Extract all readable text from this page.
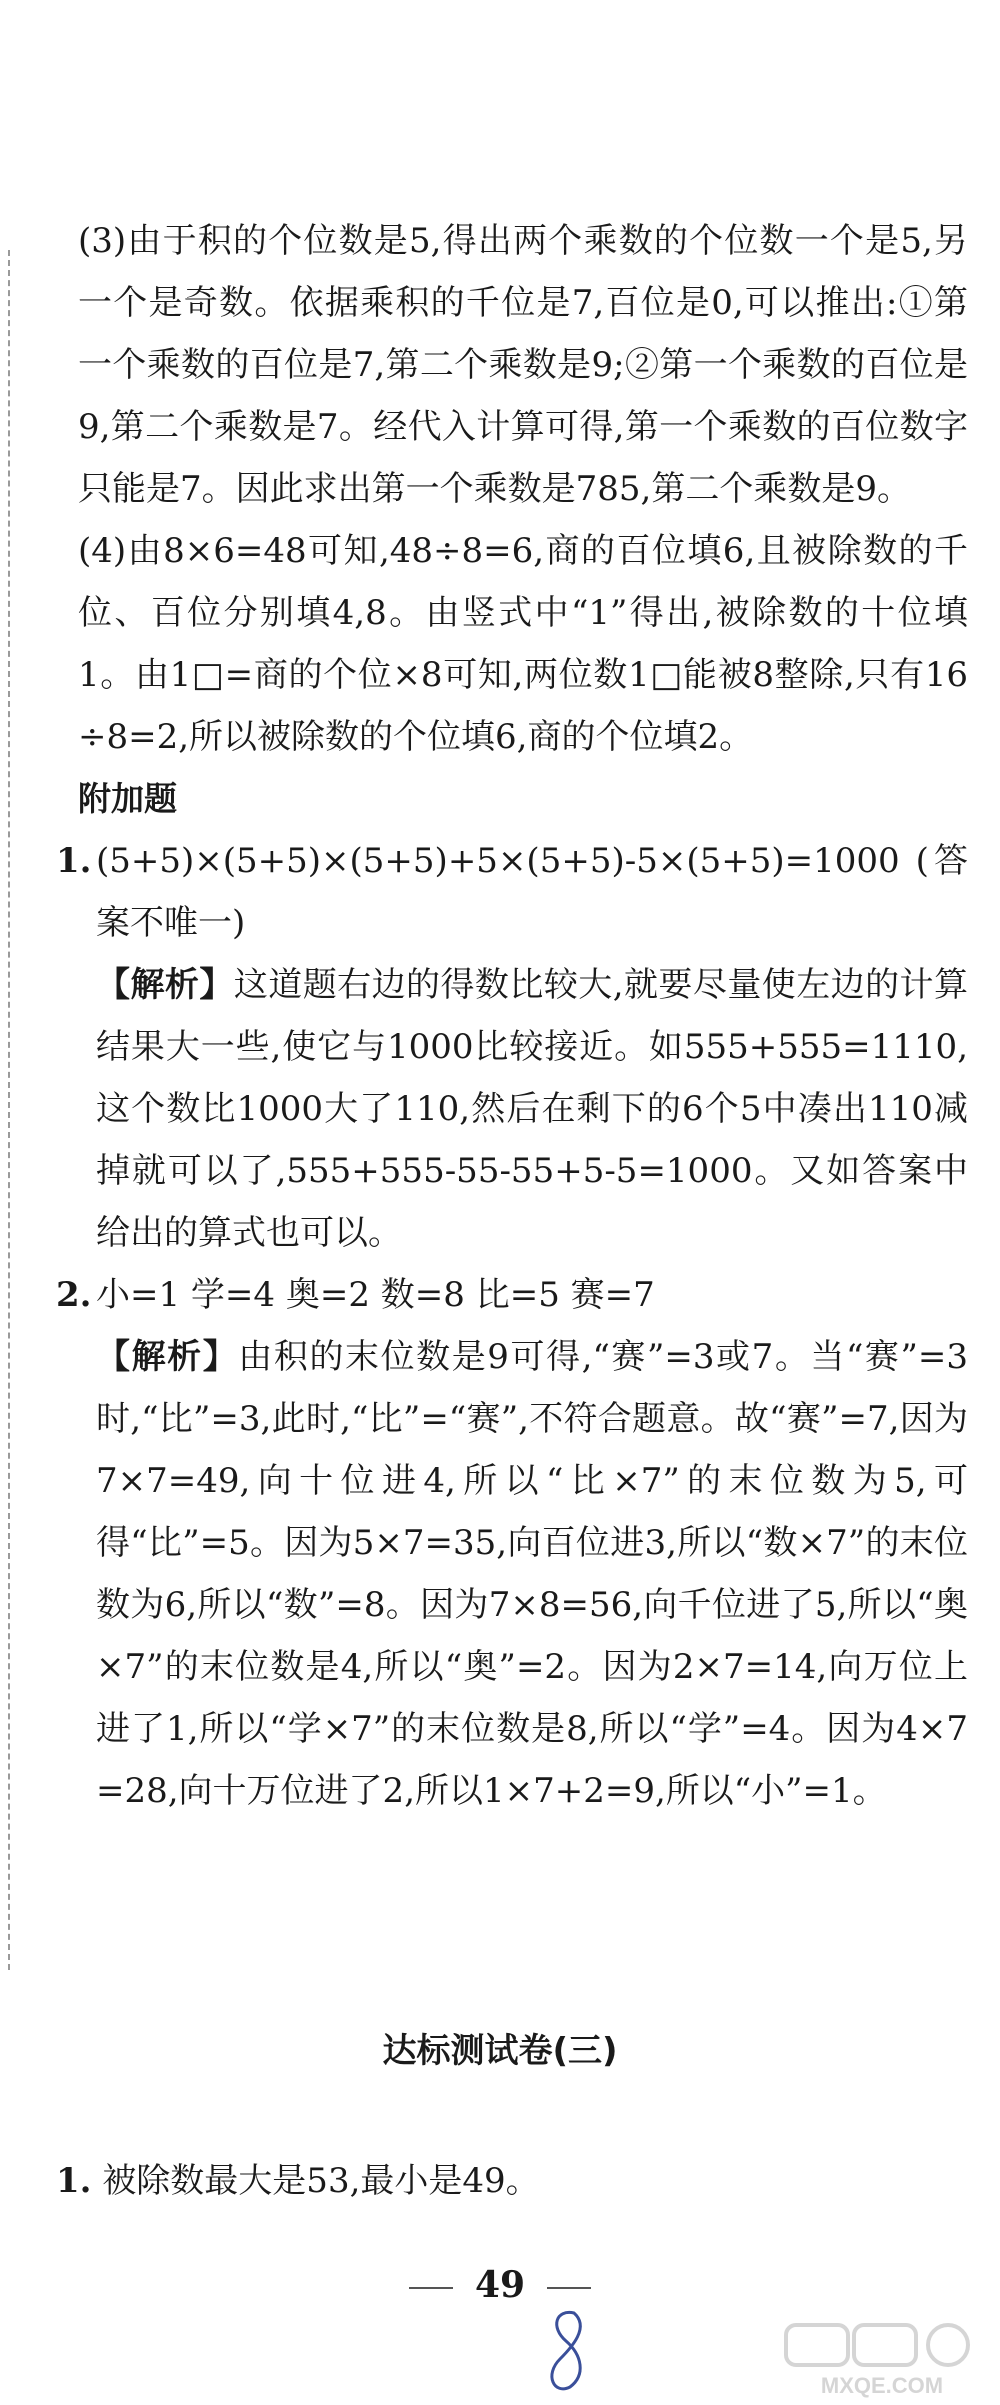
(3)由于积的个位数是5,得出两个乘数的个位数一个是5,另一个是奇数。依据乘积的千位是7,百位是0,可以推出:①第一个乘数的百位是7,第二个乘数是9;②第一个乘数的百位是9,第二个乘数是7。经代入计算可得,第一个乘数的百位数字只能是7。因此求出第一个乘数是785,第二个乘数是9。

(4)由8×6=48可知,48÷8=6,商的百位填6,且被除数的千位、百位分别填4,8。由竖式中“1”得出,被除数的十位填1。由1□=商的个位×8可知,两位数1□能被8整除,只有16÷8=2,所以被除数的个位填6,商的个位填2。

附加题

1. (5+5)×(5+5)×(5+5)+5×(5+5)-5×(5+5)=1000 (答案不唯一)

【解析】这道题右边的得数比较大,就要尽量使左边的计算结果大一些,使它与1000比较接近。如555+555=1110,这个数比1000大了110,然后在剩下的6个5中凑出110减掉就可以了,555+555-55-55+5-5=1000。又如答案中给出的算式也可以。

2. 小=1 学=4 奥=2 数=8 比=5 赛=7

【解析】由积的末位数是9可得,“赛”=3或7。当“赛”=3时,“比”=3,此时,“比”=“赛”,不符合题意。故“赛”=7,因为7×7=49,向十位进4,所以“比×7”的末位数为5,可得“比”=5。因为5×7=35,向百位进3,所以“数×7”的末位数为6,所以“数”=8。因为7×8=56,向千位进了5,所以“奥×7”的末位数是4,所以“奥”=2。因为2×7=14,向万位上进了1,所以“学×7”的末位数是8,所以“学”=4。因为4×7=28,向十万位进了2,所以1×7+2=9,所以“小”=1。

达标测试卷(三)
1. 被除数最大是53,最小是49。
49
MXQE.COM
